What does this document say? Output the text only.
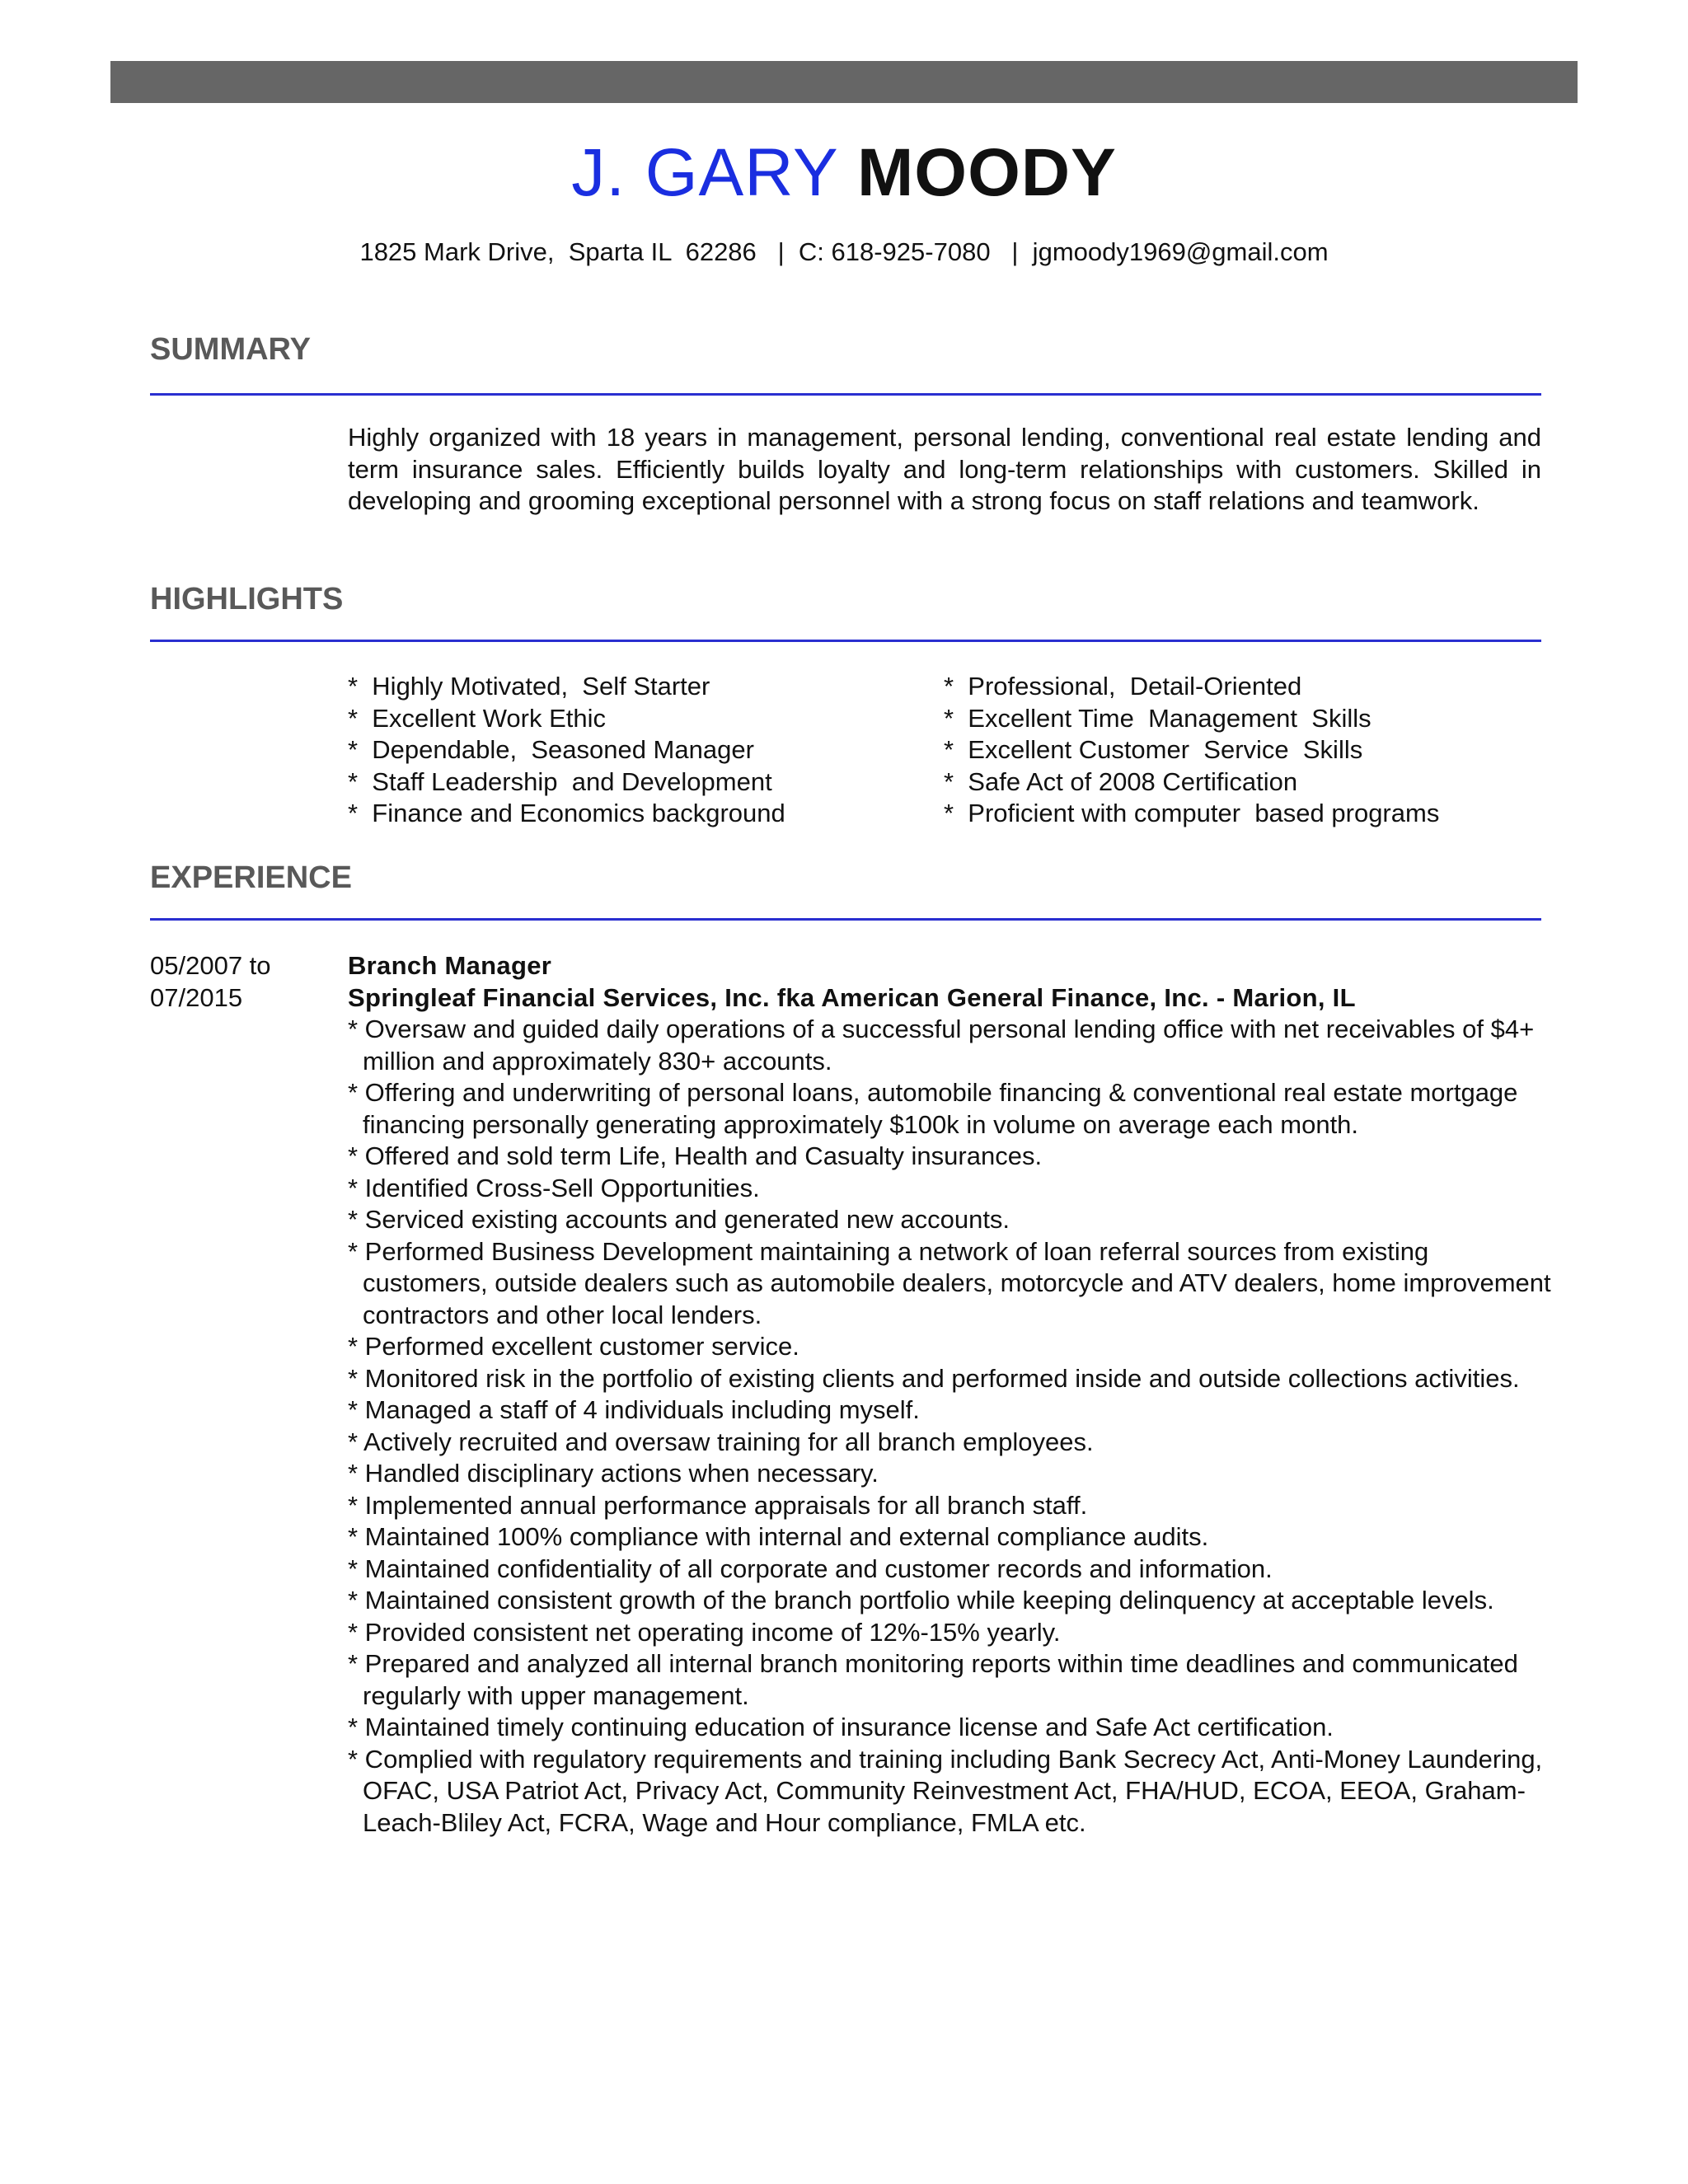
J. GARY MOODY
1825 Mark Drive,  Sparta IL  62286   |  C: 618-925-7080   |  jgmoody1969@gmail.com
SUMMARY
Highly organized with 18 years in management, personal lending, conventional real estate lending and term insurance sales. Efficiently builds loyalty and long-term relationships with customers. Skilled in developing and grooming exceptional personnel with a strong focus on staff relations and teamwork.
HIGHLIGHTS
*  Highly Motivated,  Self Starter
*  Excellent Work Ethic
*  Dependable,  Seasoned Manager
*  Staff Leadership  and Development
*  Finance and Economics background
*  Professional,  Detail-Oriented
*  Excellent Time  Management  Skills
*  Excellent Customer  Service  Skills
*  Safe Act of 2008 Certification
*  Proficient with computer  based programs
EXPERIENCE
05/2007 to
07/2015
Branch Manager
Springleaf Financial Services, Inc. fka American General Finance, Inc. - Marion, IL
* Oversaw and guided daily operations of a successful personal lending office with net receivables of $4+ million and approximately 830+ accounts.
* Offering and underwriting of personal loans, automobile financing & conventional real estate mortgage financing personally generating approximately $100k in volume on average each month.
* Offered and sold term Life, Health and Casualty insurances.
* Identified Cross-Sell Opportunities.
* Serviced existing accounts and generated new accounts.
* Performed Business Development maintaining a network of loan referral sources from existing customers, outside dealers such as automobile dealers, motorcycle and ATV dealers, home improvement contractors and other local lenders.
* Performed excellent customer service.
* Monitored risk in the portfolio of existing clients and performed inside and outside collections activities.
* Managed a staff of 4 individuals including myself.
* Actively recruited and oversaw training for all branch employees.
* Handled disciplinary actions when necessary.
* Implemented annual performance appraisals for all branch staff.
* Maintained 100% compliance with internal and external compliance audits.
* Maintained confidentiality of all corporate and customer records and information.
* Maintained consistent growth of the branch portfolio while keeping delinquency at acceptable levels.
* Provided consistent net operating income of 12%-15% yearly.
* Prepared and analyzed all internal branch monitoring reports within time deadlines and communicated regularly with upper management.
* Maintained timely continuing education of insurance license and Safe Act certification.
* Complied with regulatory requirements and training including Bank Secrecy Act, Anti-Money Laundering, OFAC, USA Patriot Act, Privacy Act, Community Reinvestment Act, FHA/HUD, ECOA, EEOA, Graham-Leach-Bliley Act, FCRA, Wage and Hour compliance, FMLA etc.
